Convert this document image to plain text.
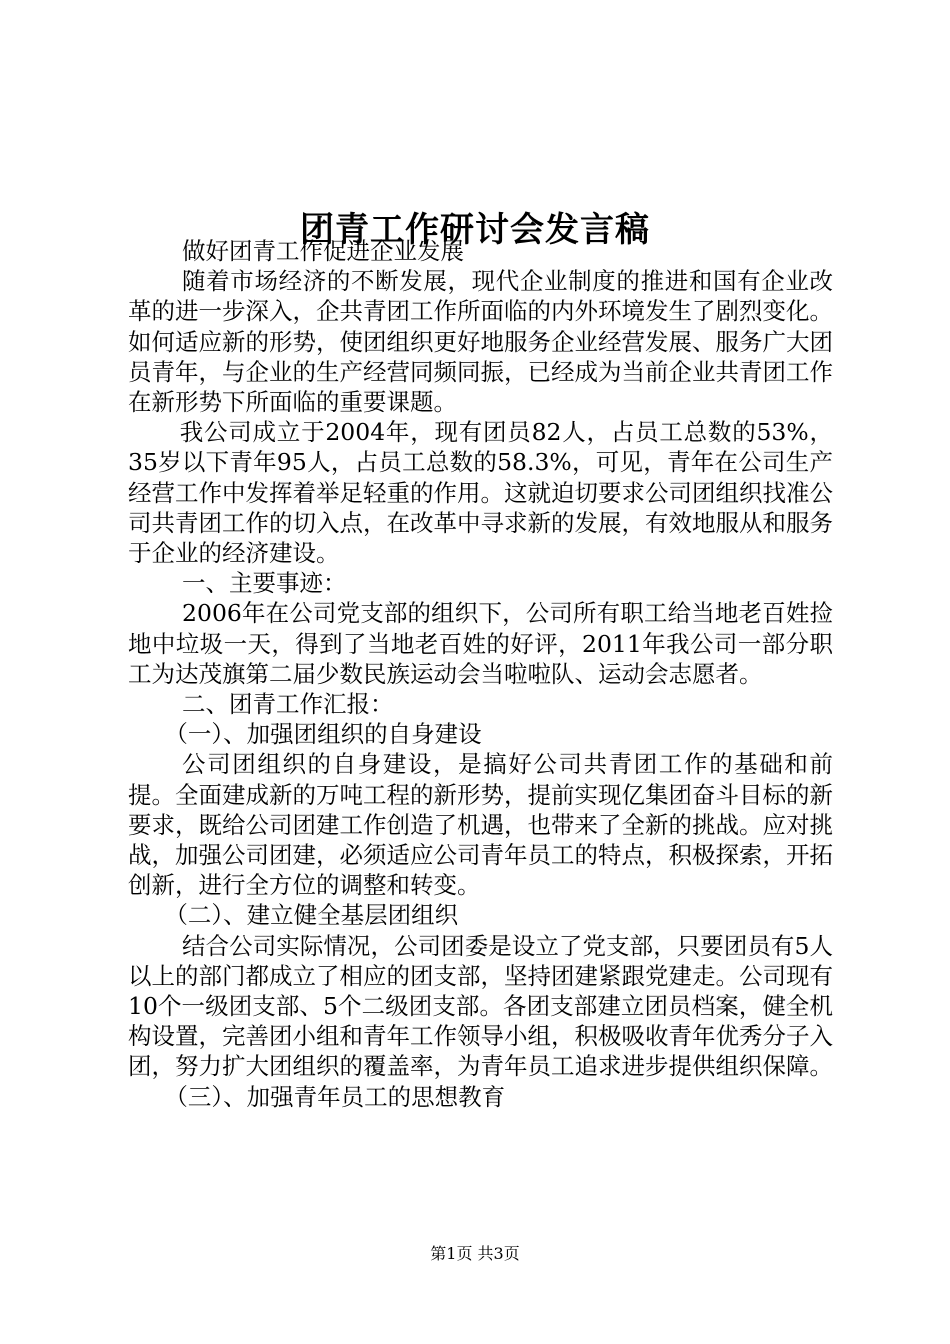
团青工作研讨会发言稿

做好团青工作促进企业发展

随着市场经济的不断发展，现代企业制度的推进和国有企业改革的进一步深入，企共青团工作所面临的内外环境发生了剧烈变化。如何适应新的形势，使团组织更好地服务企业经营发展、服务广大团员青年，与企业的生产经营同频同振，已经成为当前企业共青团工作在新形势下所面临的重要课题。

我公司成立于2004年，现有团员82人，占员工总数的53%，35岁以下青年95人，占员工总数的58.3%，可见，青年在公司生产经营工作中发挥着举足轻重的作用。这就迫切要求公司团组织找准公司共青团工作的切入点，在改革中寻求新的发展，有效地服从和服务于企业的经济建设。

一、主要事迹：

2006年在公司党支部的组织下，公司所有职工给当地老百姓捡地中垃圾一天，得到了当地老百姓的好评，2011年我公司一部分职工为达茂旗第二届少数民族运动会当啦啦队、运动会志愿者。

二、团青工作汇报：

（一）、加强团组织的自身建设

公司团组织的自身建设，是搞好公司共青团工作的基础和前提。全面建成新的万吨工程的新形势，提前实现亿集团奋斗目标的新要求，既给公司团建工作创造了机遇，也带来了全新的挑战。应对挑战，加强公司团建，必须适应公司青年员工的特点，积极探索，开拓创新，进行全方位的调整和转变。

（二）、建立健全基层团组织

结合公司实际情况，公司团委是设立了党支部，只要团员有5人以上的部门都成立了相应的团支部，坚持团建紧跟党建走。公司现有10个一级团支部、5个二级团支部。各团支部建立团员档案，健全机构设置，完善团小组和青年工作领导小组，积极吸收青年优秀分子入团，努力扩大团组织的覆盖率，为青年员工追求进步提供组织保障。

（三）、加强青年员工的思想教育

第1页 共3页
